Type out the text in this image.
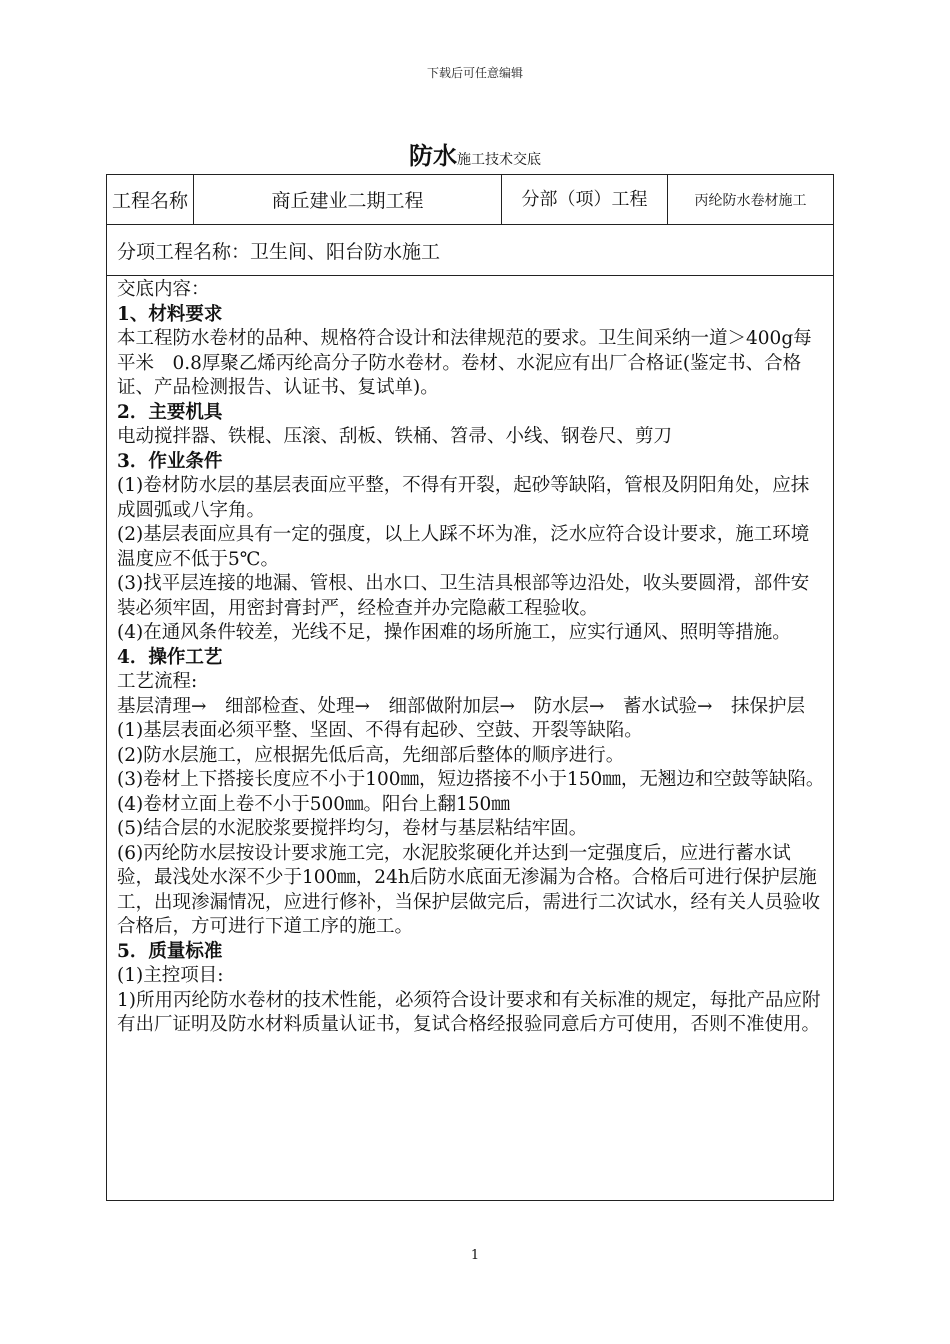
下载后可任意编辑
防水施工技术交底
工程名称	商丘建业二期工程	分部（项）工程	丙纶防水卷材施工
分项工程名称：卫生间、阳台防水施工

交底内容：

1、材料要求

本工程防水卷材的品种、规格符合设计和法律规范的要求。卫生间采纳一道＞400g每平米　0.8厚聚乙烯丙纶高分子防水卷材。卷材、水泥应有出厂合格证(鉴定书、合格证、产品检测报告、认证书、复试单)。

2．主要机具

电动搅拌器、铁棍、压滚、刮板、铁桶、笤帚、小线、钢卷尺、剪刀

3．作业条件

(1)卷材防水层的基层表面应平整，不得有开裂，起砂等缺陷，管根及阴阳角处，应抹成圆弧或八字角。

(2)基层表面应具有一定的强度，以上人踩不坏为准，泛水应符合设计要求，施工环境温度应不低于5℃。

(3)找平层连接的地漏、管根、出水口、卫生洁具根部等边沿处，收头要圆滑，部件安装必须牢固，用密封膏封严，经检查并办完隐蔽工程验收。

(4)在通风条件较差，光线不足，操作困难的场所施工，应实行通风、照明等措施。

4．操作工艺

工艺流程:

基层清理→　细部检查、处理→　细部做附加层→　防水层→　蓄水试验→　抹保护层

(1)基层表面必须平整、坚固、不得有起砂、空鼓、开裂等缺陷。

(2)防水层施工，应根据先低后高，先细部后整体的顺序进行。

(3)卷材上下搭接长度应不小于100㎜，短边搭接不小于150㎜，无翘边和空鼓等缺陷。

(4)卷材立面上卷不小于500㎜。阳台上翻150㎜

(5)结合层的水泥胶浆要搅拌均匀，卷材与基层粘结牢固。

(6)丙纶防水层按设计要求施工完，水泥胶浆硬化并达到一定强度后，应进行蓄水试验，最浅处水深不少于100㎜，24h后防水底面无渗漏为合格。合格后可进行保护层施工，出现渗漏情况，应进行修补，当保护层做完后，需进行二次试水，经有关人员验收合格后，方可进行下道工序的施工。

5．质量标准

(1)主控项目:

1)所用丙纶防水卷材的技术性能，必须符合设计要求和有关标准的规定，每批产品应附有出厂证明及防水材料质量认证书，复试合格经报验同意后方可使用，否则不准使用。

1
